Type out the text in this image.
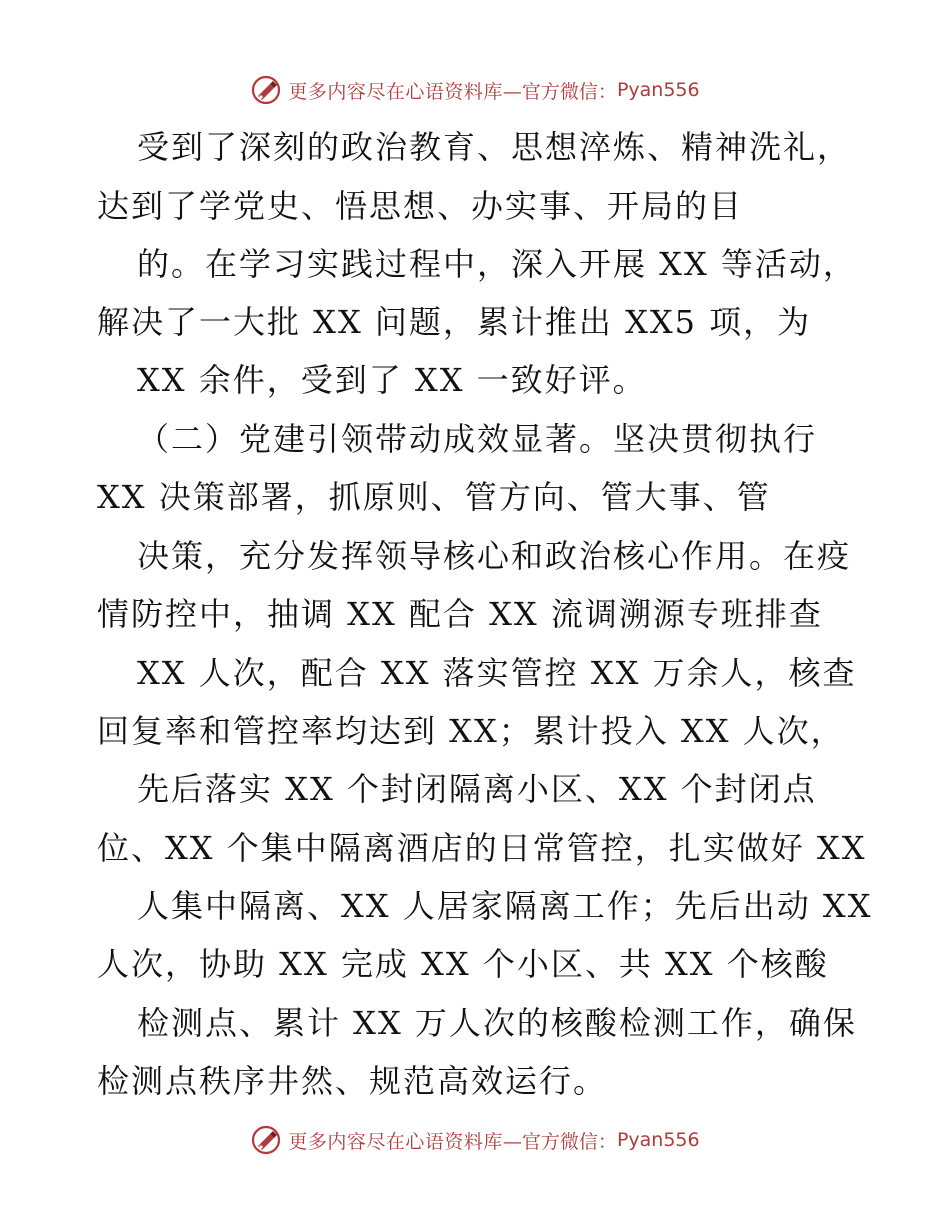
更多内容尽在心语资料库 —官方微信： Pyan556
受到了深刻的政治教育、思想淬炼、精神洗礼，
达到了学党史、悟思想、办实事、开局的目
的。在学习实践过程中，深入开展 XX 等活动，
解决了一大批 XX 问题，累计推出 XX5 项，为
XX 余件，受到了 XX 一致好评。
（二）党建引领带动成效显著。坚决贯彻执行
XX 决策部署，抓原则、管方向、管大事、管
决策，充分发挥领导核心和政治核心作用。在疫
情防控中，抽调 XX 配合 XX 流调溯源专班排查
XX 人次，配合 XX 落实管控 XX 万余人，核查
回复率和管控率均达到 XX；累计投入 XX 人次，
先后落实 XX 个封闭隔离小区、XX 个封闭点
位、XX 个集中隔离酒店的日常管控，扎实做好 XX
人集中隔离、XX 人居家隔离工作；先后出动 XX
人次，协助 XX 完成 XX 个小区、共 XX 个核酸
检测点、累计 XX 万人次的核酸检测工作，确保
检测点秩序井然、规范高效运行。
更多内容尽在心语资料库 —官方微信： Pyan556
